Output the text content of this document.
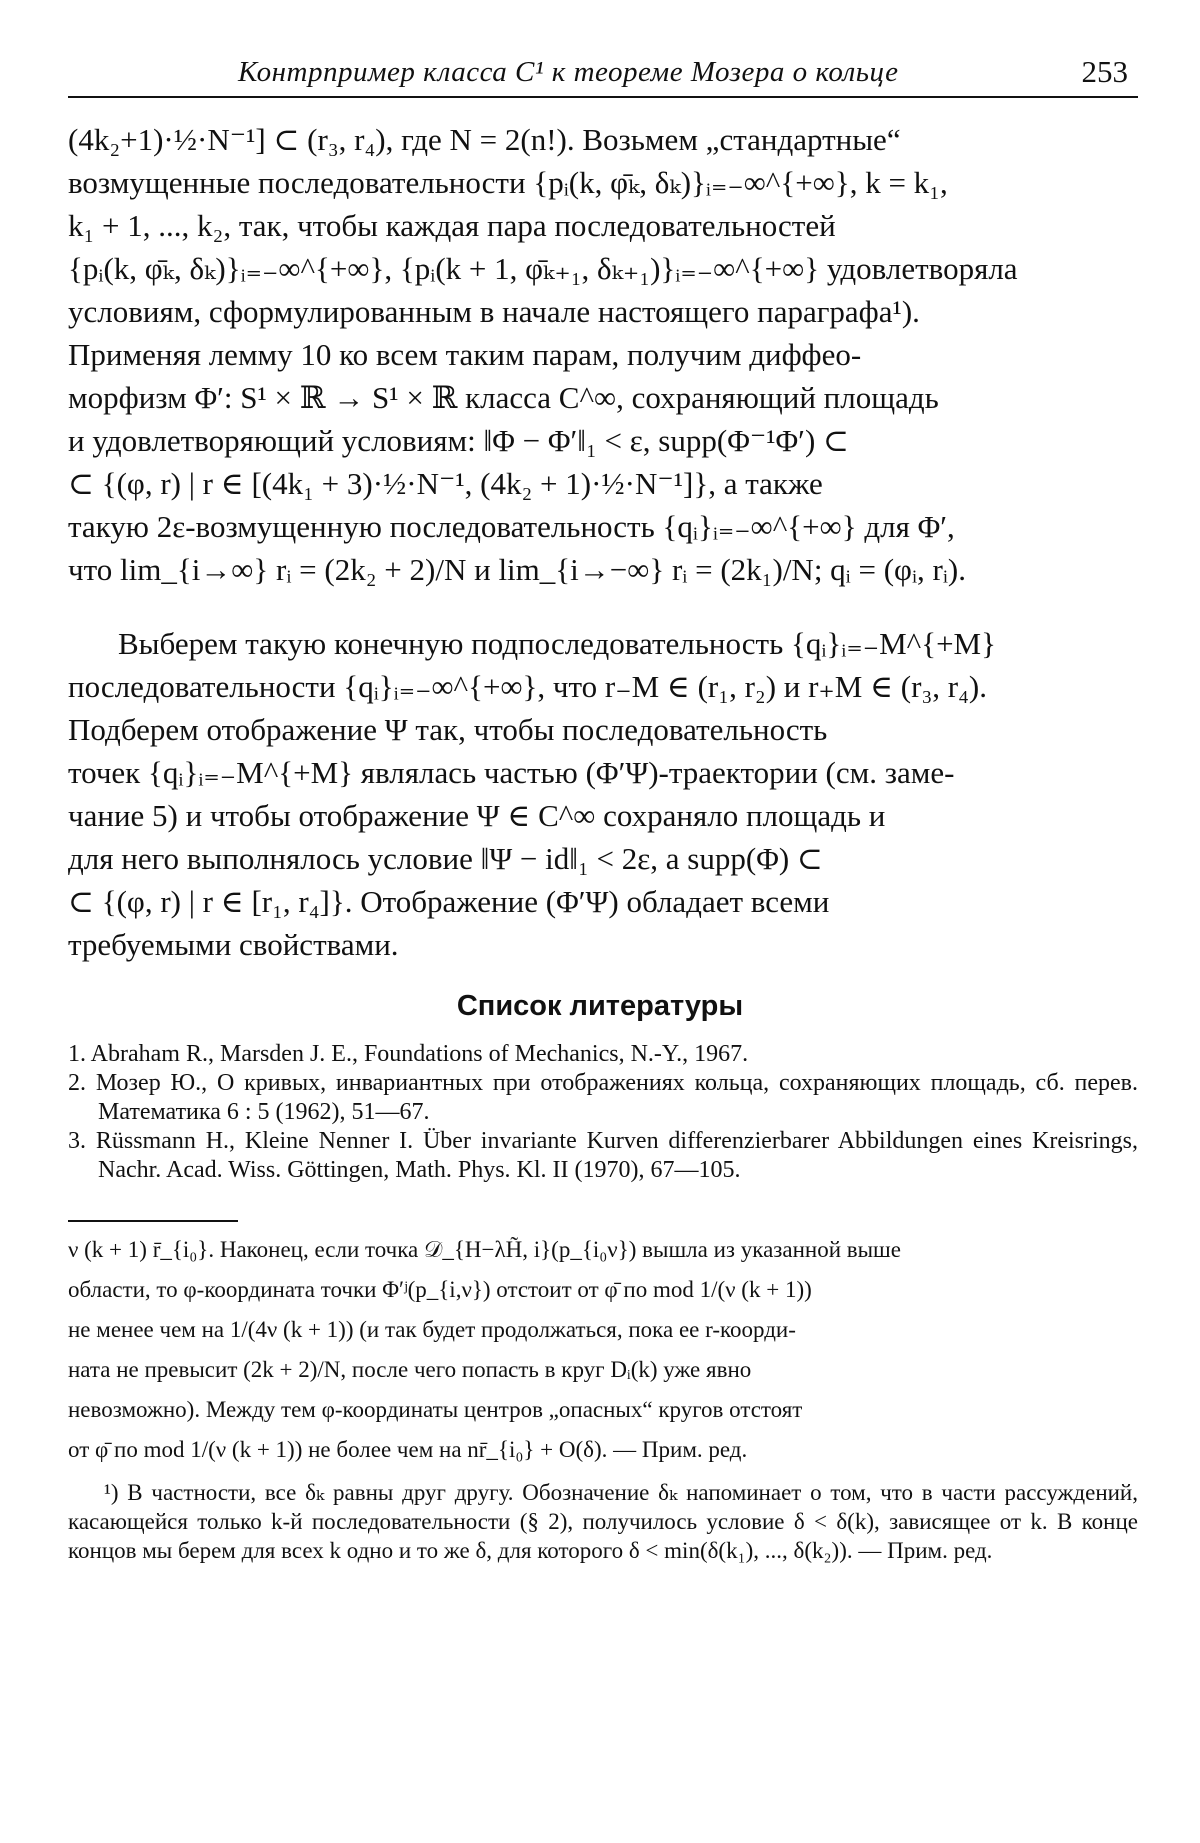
Контрпример класса C¹ к теореме Мозера о кольце	253

(4k₂+1)·½·N⁻¹] ⊂ (r₃, r₄), где N = 2(n!). Возьмем „стандартные“

возмущенные последовательности {pᵢ(k, φ̄ₖ, δₖ)}ᵢ₌₋∞^{+∞}, k = k₁,

k₁ + 1, ..., k₂, так, чтобы каждая пара последовательностей

{pᵢ(k, φ̄ₖ, δₖ)}ᵢ₌₋∞^{+∞}, {pᵢ(k + 1, φ̄ₖ₊₁, δₖ₊₁)}ᵢ₌₋∞^{+∞} удовлетворяла

условиям, сформулированным в начале настоящего параграфа¹).

Применяя лемму 10 ко всем таким парам, получим диффео-

морфизм Φ′: S¹ × ℝ → S¹ × ℝ класса C^∞, сохраняющий площадь

и удовлетворяющий условиям: ‖Φ − Φ′‖₁ < ε, supp(Φ⁻¹Φ′) ⊂

⊂ {(φ, r) | r ∈ [(4k₁ + 3)·½·N⁻¹, (4k₂ + 1)·½·N⁻¹]}, а также

такую 2ε-возмущенную последовательность {qᵢ}ᵢ₌₋∞^{+∞} для Φ′,

что lim_{i→∞} rᵢ = (2k₂ + 2)/N и lim_{i→−∞} rᵢ = (2k₁)/N; qᵢ = (φᵢ, rᵢ).

Выберем такую конечную подпоследовательность {qᵢ}ᵢ₌₋M^{+M}

последовательности {qᵢ}ᵢ₌₋∞^{+∞}, что r₋M ∈ (r₁, r₂) и r₊M ∈ (r₃, r₄).

Подберем отображение Ψ так, чтобы последовательность

точек {qᵢ}ᵢ₌₋M^{+M} являлась частью (Φ′Ψ)-траектории (см. заме-

чание 5) и чтобы отображение Ψ ∈ C^∞ сохраняло площадь и

для него выполнялось условие ‖Ψ − id‖₁ < 2ε, а supp(Φ) ⊂

⊂ {(φ, r) | r ∈ [r₁, r₄]}. Отображение (Φ′Ψ) обладает всеми

требуемыми свойствами.

Список литературы

1. Abraham R., Marsden J. E., Foundations of Mechanics, N.-Y., 1967.

2. Мозер Ю., О кривых, инвариантных при отображениях кольца, сохраняющих площадь, сб. перев. Математика 6 : 5 (1962), 51—67.

3. Rüssmann H., Kleine Nenner I. Über invariante Kurven differenzierbarer Abbildungen eines Kreisrings, Nachr. Acad. Wiss. Göttingen, Math. Phys. Kl. II (1970), 67—105.

ν (k + 1) r̄_{i₀}. Наконец, если точка 𝒟_{H−λH̃, i}(p_{i₀ν}) вышла из указанной выше

области, то φ-координата точки Φ′ʲ(p_{i,ν}) отстоит от φ̄ по mod 1/(ν (k + 1))

не менее чем на 1/(4ν (k + 1)) (и так будет продолжаться, пока ее r-коорди-

ната не превысит (2k + 2)/N, после чего попасть в круг Dᵢ(k) уже явно

невозможно). Между тем φ-координаты центров „опасных“ кругов отстоят

от φ̄ по mod 1/(ν (k + 1)) не более чем на nr̄_{i₀} + O(δ). — Прим. ред.

¹) В частности, все δₖ равны друг другу. Обозначение δₖ напоминает о том, что в части рассуждений, касающейся только k-й последовательности (§ 2), получилось условие δ < δ(k), зависящее от k. В конце концов мы берем для всех k одно и то же δ, для которого δ < min(δ(k₁), ..., δ(k₂)). — Прим. ред.
